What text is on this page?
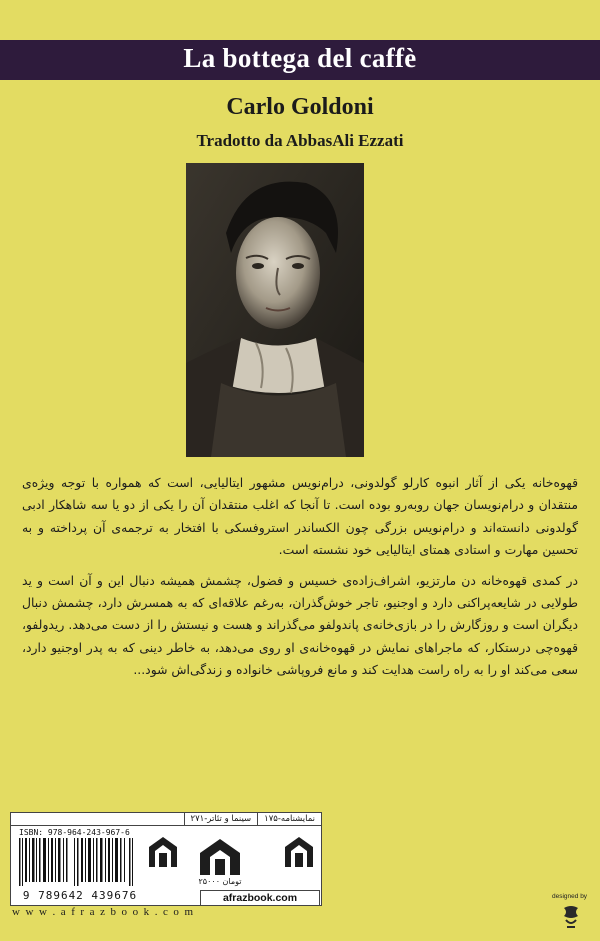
La bottega del caffè
Carlo Goldoni
Tradotto da AbbasAli Ezzati

قهوه‌خانه یکی از آثار انبوه کارلو گولدونی، درام‌نویس مشهور ایتالیایی، است که همواره با توجه ویژه‌ی منتقدان و درام‌نویسان جهان روبه‌رو بوده است. تا آنجا که اغلب منتقدان آن را یکی از دو یا سه شاهکار ادبی گولدونی دانسته‌اند و درام‌نویس بزرگی چون الکساندر استروفسکی با افتخار به ترجمه‌ی آن پرداخته و به تحسین مهارت و استادی همتای ایتالیایی خود نشسته است.

در کمدی قهوه‌خانه دن مارتزیو، اشراف‌زاده‌ی خسیس و فضول، چشمش همیشه دنبال این و آن است و ید طولایی در شایعه‌پراکنی دارد و اوجنیو، تاجر خوش‌گذران، به‌رغم علاقه‌ای که به همسرش دارد، چشمش دنبال دیگران است و روزگارش را در بازی‌خانه‌ی پاندولفو می‌گذراند و هست و نیستش را از دست می‌دهد. ریدولفو، قهوه‌چی درستکار، که ماجراهای نمایش در قهوه‌خانه‌ی او روی می‌دهد، به خاطر دینی که به پدر اوجنیو دارد، سعی می‌کند او را به راه راست هدایت کند و مانع فروپاشی خانواده و زندگی‌اش شود...

نمایشنامه-۱۷۵
سینما و تئاتر-۲۷۱
ISBN: 978-964-243-967-6
9 789642 439676
۲۵۰۰۰ تومان
afrazbook.com
w w w . a f r a z b o o k . c o m
designed by
